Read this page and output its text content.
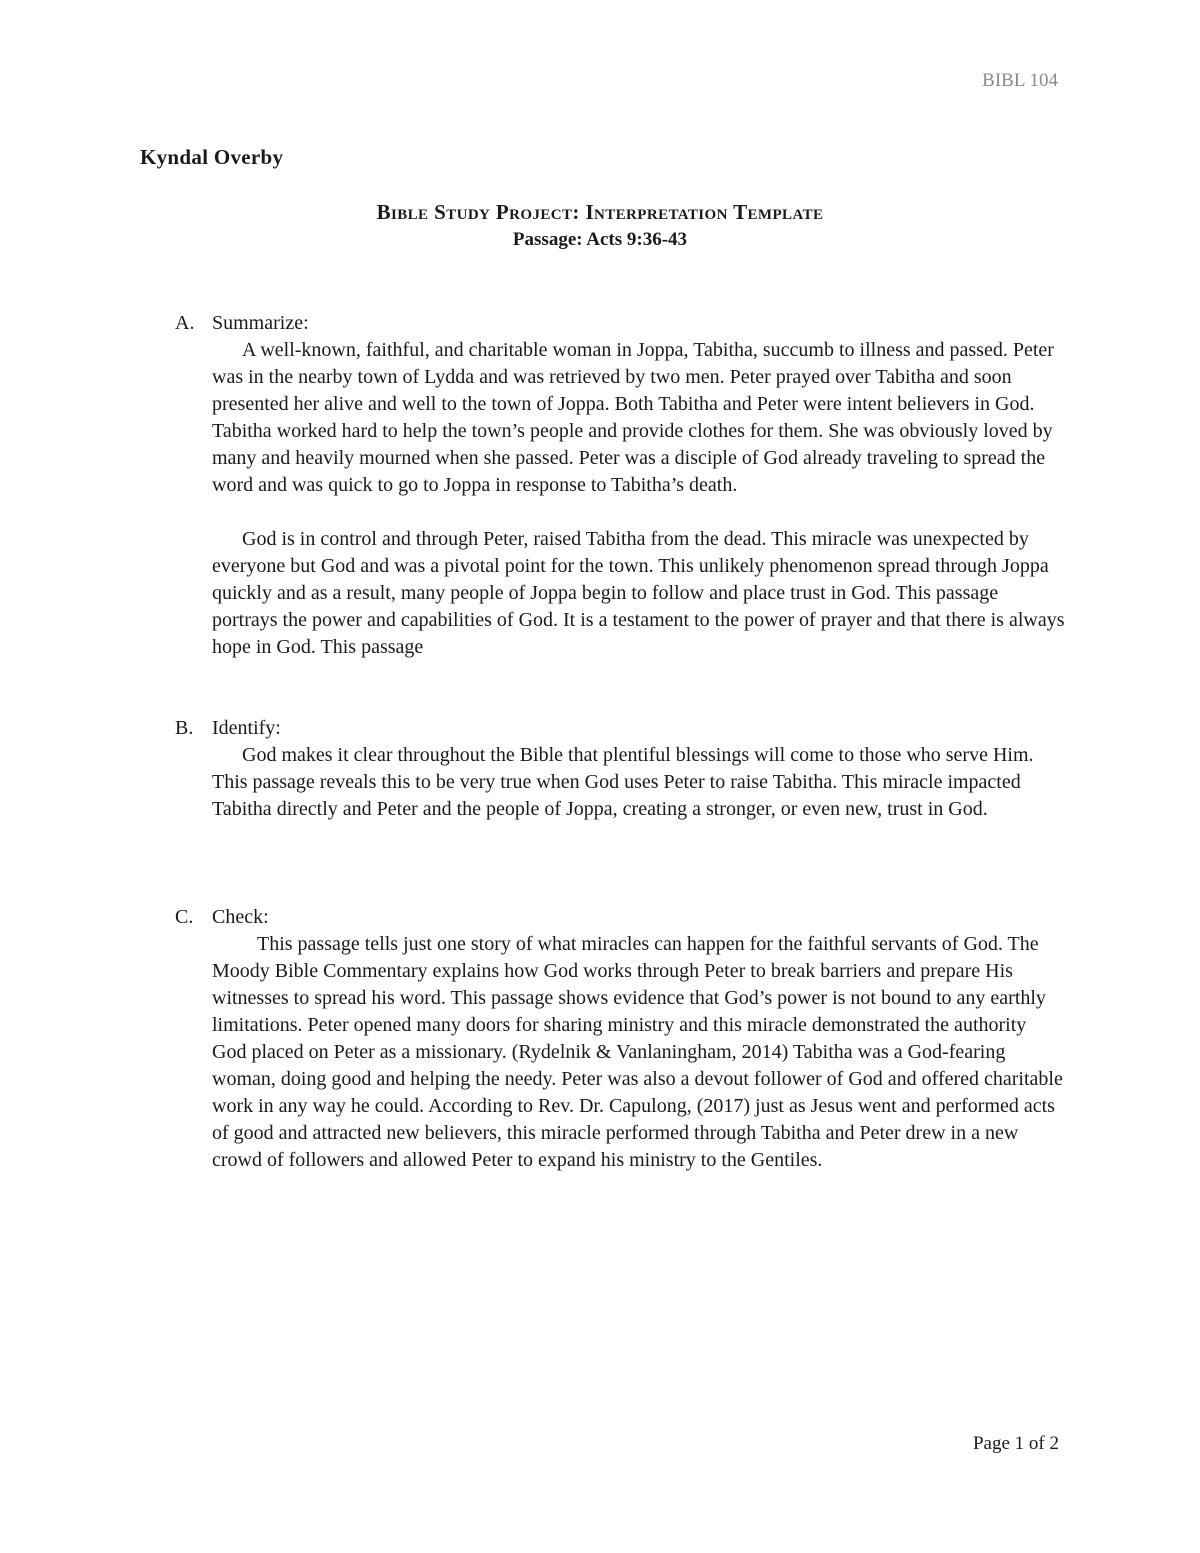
BIBL 104
Kyndal Overby
Bible Study Project: Interpretation Template
Passage: Acts 9:36-43
A. Summarize:

A well-known, faithful, and charitable woman in Joppa, Tabitha, succumb to illness and passed. Peter was in the nearby town of Lydda and was retrieved by two men. Peter prayed over Tabitha and soon presented her alive and well to the town of Joppa. Both Tabitha and Peter were intent believers in God. Tabitha worked hard to help the town’s people and provide clothes for them. She was obviously loved by many and heavily mourned when she passed. Peter was a disciple of God already traveling to spread the word and was quick to go to Joppa in response to Tabitha’s death.

God is in control and through Peter, raised Tabitha from the dead. This miracle was unexpected by everyone but God and was a pivotal point for the town. This unlikely phenomenon spread through Joppa quickly and as a result, many people of Joppa begin to follow and place trust in God. This passage portrays the power and capabilities of God. It is a testament to the power of prayer and that there is always hope in God. This passage

B. Identify:

God makes it clear throughout the Bible that plentiful blessings will come to those who serve Him. This passage reveals this to be very true when God uses Peter to raise Tabitha. This miracle impacted Tabitha directly and Peter and the people of Joppa, creating a stronger, or even new, trust in God.

C. Check:

This passage tells just one story of what miracles can happen for the faithful servants of God. The Moody Bible Commentary explains how God works through Peter to break barriers and prepare His witnesses to spread his word. This passage shows evidence that God’s power is not bound to any earthly limitations. Peter opened many doors for sharing ministry and this miracle demonstrated the authority God placed on Peter as a missionary. (Rydelnik & Vanlaningham, 2014) Tabitha was a God-fearing woman, doing good and helping the needy. Peter was also a devout follower of God and offered charitable work in any way he could. According to Rev. Dr. Capulong, (2017) just as Jesus went and performed acts of good and attracted new believers, this miracle performed through Tabitha and Peter drew in a new crowd of followers and allowed Peter to expand his ministry to the Gentiles.

Page 1 of 2
